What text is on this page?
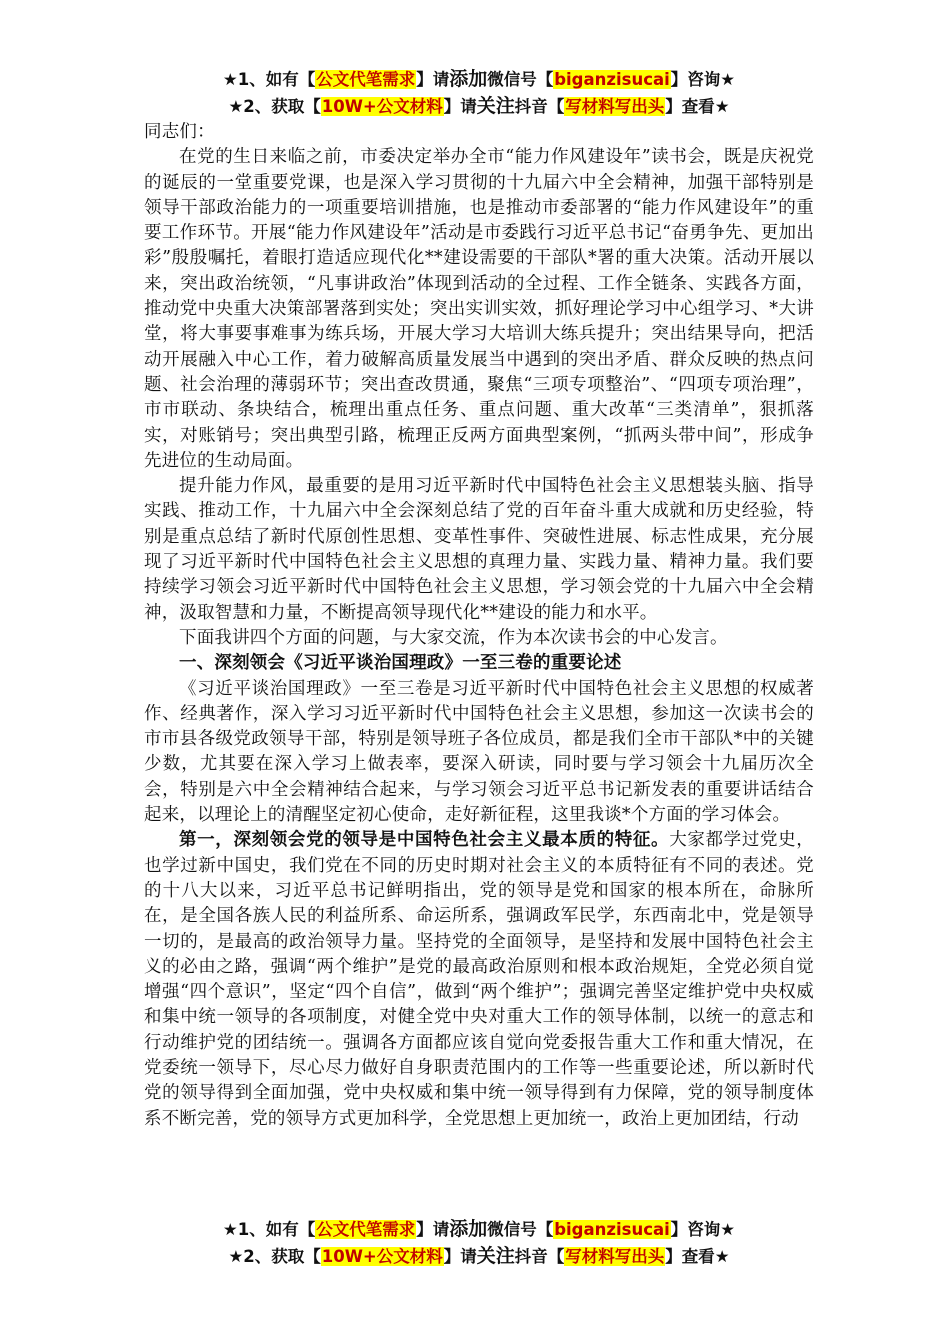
★1、如有【公文代笔需求】请添加微信号【biganzisucai】咨询★
★2、获取【10W+公文材料】请关注抖音【写材料写出头】查看★

同志们：

在党的生日来临之前，市委决定举办全市“能力作风建设年”读书会，既是庆祝党的诞辰的一堂重要党课，也是深入学习贯彻的十九届六中全会精神，加强干部特别是领导干部政治能力的一项重要培训措施，也是推动市委部署的“能力作风建设年”的重要工作环节。开展“能力作风建设年”活动是市委践行习近平总书记“奋勇争先、更加出彩”殷殷嘱托，着眼打造适应现代化**建设需要的干部队*署的重大决策。活动开展以来，突出政治统领，“凡事讲政治”体现到活动的全过程、工作全链条、实践各方面，推动党中央重大决策部署落到实处；突出实训实效，抓好理论学习中心组学习、*大讲堂，将大事要事难事为练兵场，开展大学习大培训大练兵提升；突出结果导向，把活动开展融入中心工作，着力破解高质量发展当中遇到的突出矛盾、群众反映的热点问题、社会治理的薄弱环节；突出查改贯通，聚焦“三项专项整治”、“四项专项治理”，市市联动、条块结合，梳理出重点任务、重点问题、重大改革“三类清单”，狠抓落实，对账销号；突出典型引路，梳理正反两方面典型案例，“抓两头带中间”，形成争先进位的生动局面。

提升能力作风，最重要的是用习近平新时代中国特色社会主义思想装头脑、指导实践、推动工作，十九届六中全会深刻总结了党的百年奋斗重大成就和历史经验，特别是重点总结了新时代原创性思想、变革性事件、突破性进展、标志性成果，充分展现了习近平新时代中国特色社会主义思想的真理力量、实践力量、精神力量。我们要持续学习领会习近平新时代中国特色社会主义思想，学习领会党的十九届六中全会精神，汲取智慧和力量，不断提高领导现代化**建设的能力和水平。

下面我讲四个方面的问题，与大家交流，作为本次读书会的中心发言。

一、深刻领会《习近平谈治国理政》一至三卷的重要论述

《习近平谈治国理政》一至三卷是习近平新时代中国特色社会主义思想的权威著作、经典著作，深入学习习近平新时代中国特色社会主义思想，参加这一次读书会的市市县各级党政领导干部，特别是领导班子各位成员，都是我们全市干部队*中的关键少数，尤其要在深入学习上做表率，要深入研读，同时要与学习领会十九届历次全会，特别是六中全会精神结合起来，与学习领会习近平总书记新发表的重要讲话结合起来，以理论上的清醒坚定初心使命，走好新征程，这里我谈*个方面的学习体会。

第一，深刻领会党的领导是中国特色社会主义最本质的特征。大家都学过党史，也学过新中国史，我们党在不同的历史时期对社会主义的本质特征有不同的表述。党的十八大以来，习近平总书记鲜明指出，党的领导是党和国家的根本所在，命脉所在，是全国各族人民的利益所系、命运所系，强调政军民学，东西南北中，党是领导一切的，是最高的政治领导力量。坚持党的全面领导，是坚持和发展中国特色社会主义的必由之路，强调“两个维护”是党的最高政治原则和根本政治规矩，全党必须自觉增强“四个意识”，坚定“四个自信”，做到“两个维护”；强调完善坚定维护党中央权威和集中统一领导的各项制度，对健全党中央对重大工作的领导体制，以统一的意志和行动维护党的团结统一。强调各方面都应该自觉向党委报告重大工作和重大情况，在党委统一领导下，尽心尽力做好自身职责范围内的工作等一些重要论述，所以新时代党的领导得到全面加强，党中央权威和集中统一领导得到有力保障，党的领导制度体系不断完善，党的领导方式更加科学，全党思想上更加统一，政治上更加团结，行动

★1、如有【公文代笔需求】请添加微信号【biganzisucai】咨询★
★2、获取【10W+公文材料】请关注抖音【写材料写出头】查看★
